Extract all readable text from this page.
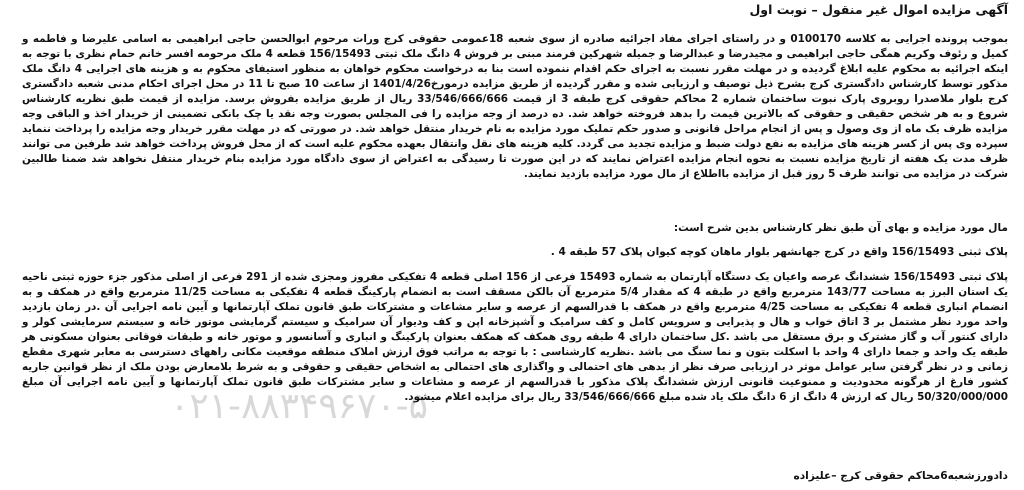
آگهی مزایده اموال غیر منقول – نوبت اول

بموجب پرونده اجرایی به کلاسه 0100170 و در راستای اجرای مفاد اجرائیه صادره از سوی شعبه 18عمومی حقوقی کرج ورات مرحوم ابوالحسن حاجی ابراهیمی به اسامی علیرضا و فاطمه و کمیل و رئوف وکریم همگی حاجی ابراهیمی و مجیدرضا و عبدالرضا و جمیله شهرکین فرمند مبنی بر فروش 4 دانگ ملک ثبتی 156/15493 قطعه 4 ملک مرحومه افسر خانم حمام نظری با توجه به اینکه اجرائیه به محکوم علیه ابلاغ گردیده و در مهلت مقرر نسبت به اجرای حکم اقدام ننموده است بنا به درخواست محکوم خواهان به منظور استیفای محکوم به و هزینه های اجرایی 4 دانگ ملک مذکور توسط کارشناس دادگستری کرج بشرح ذیل توصیف و ارزیابی شده و مقرر گردیده از طریق مزایده درمورخ1401/4/26 از ساعت 10 صبح تا 11 در محل اجرای احکام مدنی شعبه دادگستری کرج بلوار ملاصدرا روبروی پارک نبوت ساختمان شماره 2 محاکم حقوقی کرج طبقه 3 از قیمت 33/546/666/666 ریال از طریق مزایده بفروش برسد. مزایده از قیمت طبق نظریه کارشناس شروع و به هر شخص حقیقی و حقوقی که بالاترین قیمت را بدهد فروخته خواهد شد. ده درصد از وجه مزایده را فی المجلس بصورت وجه نقد یا چک بانکی تضمینی از خریدار اخذ و الباقی وجه مزایده ظرف یک ماه از وی وصول و پس از انجام مراحل قانونی و صدور حکم تملیک مورد مزایده به نام خریدار منتقل خواهد شد. در صورتی که در مهلت مقرر خریدار وجه مزایده را پرداخت ننماید سپرده وی پس از کسر هزینه های مزایده به نفع دولت ضبط و مزایده تجدید می گردد. کلیه هزینه های نقل وانتقال بعهده محکوم علیه است که از محل فروش پرداخت خواهد شد طرفین می توانند ظرف مدت یک هفته از تاریخ مزایده نسبت به نحوه انجام مزایده اعتراض نمایند که در این صورت تا رسیدگی به اعتراض از سوی دادگاه مورد مزایده بنام خریدار منتقل نخواهد شد ضمنا طالبین شرکت در مزایده می توانند ظرف 5 روز قبل از مزایده بااطلاع از مال مورد مزایده بازدید نمایند.

مال مورد مزایده و بهای آن طبق نظر کارشناس بدین شرح است:
پلاک ثبتی 156/15493 واقع در کرج جهانشهر بلوار ماهان کوچه کیوان پلاک 57 طبقه 4 .
۰۲۱-۸۸۳۴۹۶۷۰-۵

پلاک ثبتی 156/15493 ششدانگ عرصه واعیان یک دستگاه آپارتمان به شماره 15493 فرعی از 156 اصلی قطعه 4 تفکیکی مفروز ومجزی شده از 291 فرعی از اصلی مذکور جزء حوزه ثبتی ناحیه یک استان البرز به مساحت 143/77 مترمربع واقع در طبقه 4 که مقدار 5/4 مترمربع آن بالکن مسقف است به انضمام پارکینگ قطعه 4 تفکیکی به مساحت 11/25 مترمربع واقع در همکف و به انضمام انباری قطعه 4 تفکیکی به مساحت 4/25 مترمربع واقع در همکف با قدرالسهم از عرصه و سایر مشاعات و مشترکات طبق قانون تملک آپارتمانها و آیین نامه اجرایی آن .در زمان بازدید واحد مورد نظر مشتمل بر 3 اتاق خواب و هال و پذیرایی و سرویس کامل و کف سرامیک و آشپزخانه اپن و کف ودیوار آن سرامیک و سیستم گرمایشی موتور خانه و سیستم سرمایشی کولر و دارای کنتور آب و گاز مشترک و برق مستقل می باشد .کل ساختمان دارای 4 طبقه روی همکف که همکف بعنوان پارکینگ و انباری و آسانسور و موتور خانه و طبقات فوقانی بعنوان مسکونی هر طبقه یک واحد و جمعا دارای 4 واحد با اسکلت بتون و نما سنگ می باشد .نظریه کارشناسی : با توجه به مراتب فوق ارزش املاک منطقه موقعیت مکانی راههای دسترسی به معابر شهری مقطع زمانی و در نظر گرفتن سایر عوامل موثر در ارزیابی صرف نظر از بدهی های احتمالی و واگذاری های احتمالی به اشخاص حقیقی و حقوقی و به شرط بلامعارض بودن ملک از نظر قوانین جاریه کشور فارغ از هرگونه محدودیت و ممنوعیت قانونی ارزش ششدانگ پلاک مذکور با قدرالسهم از عرصه و مشاعات و سایر مشترکات طبق قانون تملک آپارتمانها و آیین نامه اجرایی آن مبلغ 50/320/000/000 ریال که ارزش 4 دانگ از 6 دانگ ملک یاد شده مبلغ 33/546/666/666 ریال برای مزایده اعلام میشود.

دادورزشعبه6محاکم حقوقی کرج –علیزاده
